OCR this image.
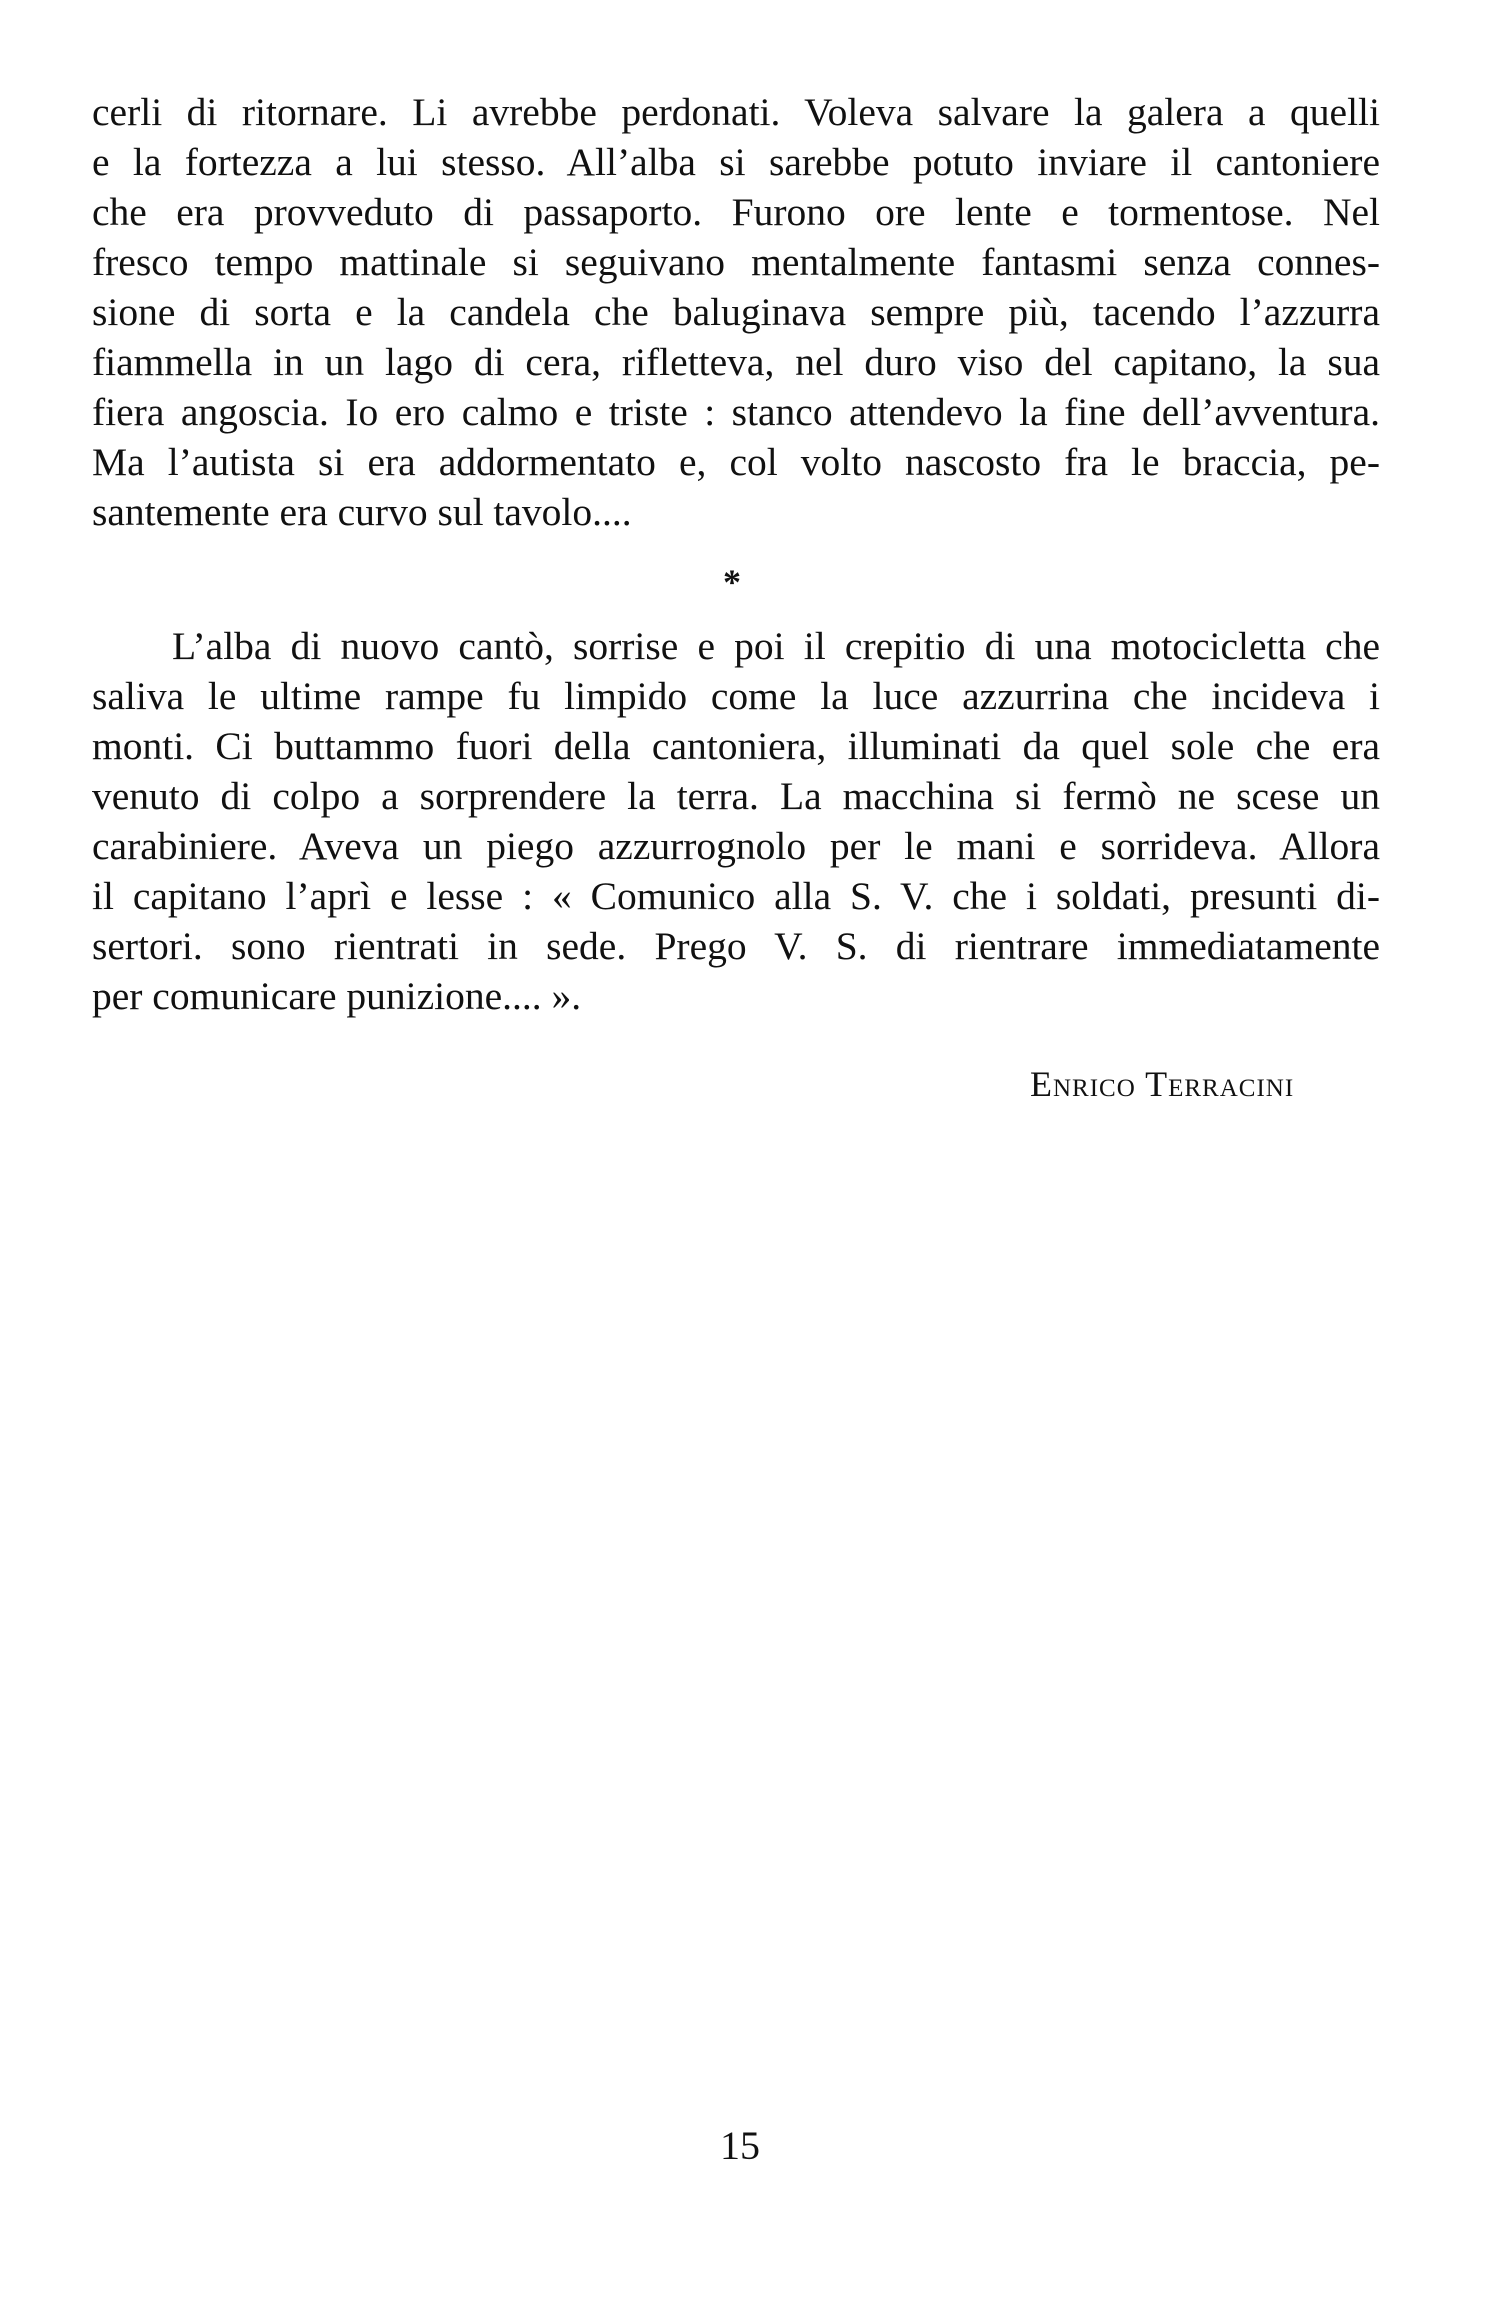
cerli di ritornare. Li avrebbe perdonati. Voleva salvare la galera a quelli
e la fortezza a lui stesso. All’alba si sarebbe potuto inviare il cantoniere
che era provveduto di passaporto. Furono ore lente e tormentose. Nel
fresco tempo mattinale si seguivano mentalmente fantasmi senza connes-
sione di sorta e la candela che baluginava sempre più, tacendo l’azzurra
fiammella in un lago di cera, rifletteva, nel duro viso del capitano, la sua
fiera angoscia. Io ero calmo e triste : stanco attendevo la fine dell’avventura.
Ma l’autista si era addormentato e, col volto nascosto fra le braccia, pe-
santemente era curvo sul tavolo....
*
L’alba di nuovo cantò, sorrise e poi il crepitio di una motocicletta che
saliva le ultime rampe fu limpido come la luce azzurrina che incideva i
monti. Ci buttammo fuori della cantoniera, illuminati da quel sole che era
venuto di colpo a sorprendere la terra. La macchina si fermò ne scese un
carabiniere. Aveva un piego azzurrognolo per le mani e sorrideva. Allora
il capitano l’aprì e lesse : « Comunico alla S. V. che i soldati, presunti di-
sertori. sono rientrati in sede. Prego V. S. di rientrare immediatamente
per comunicare punizione.... ».
Enrico Terracini
15
